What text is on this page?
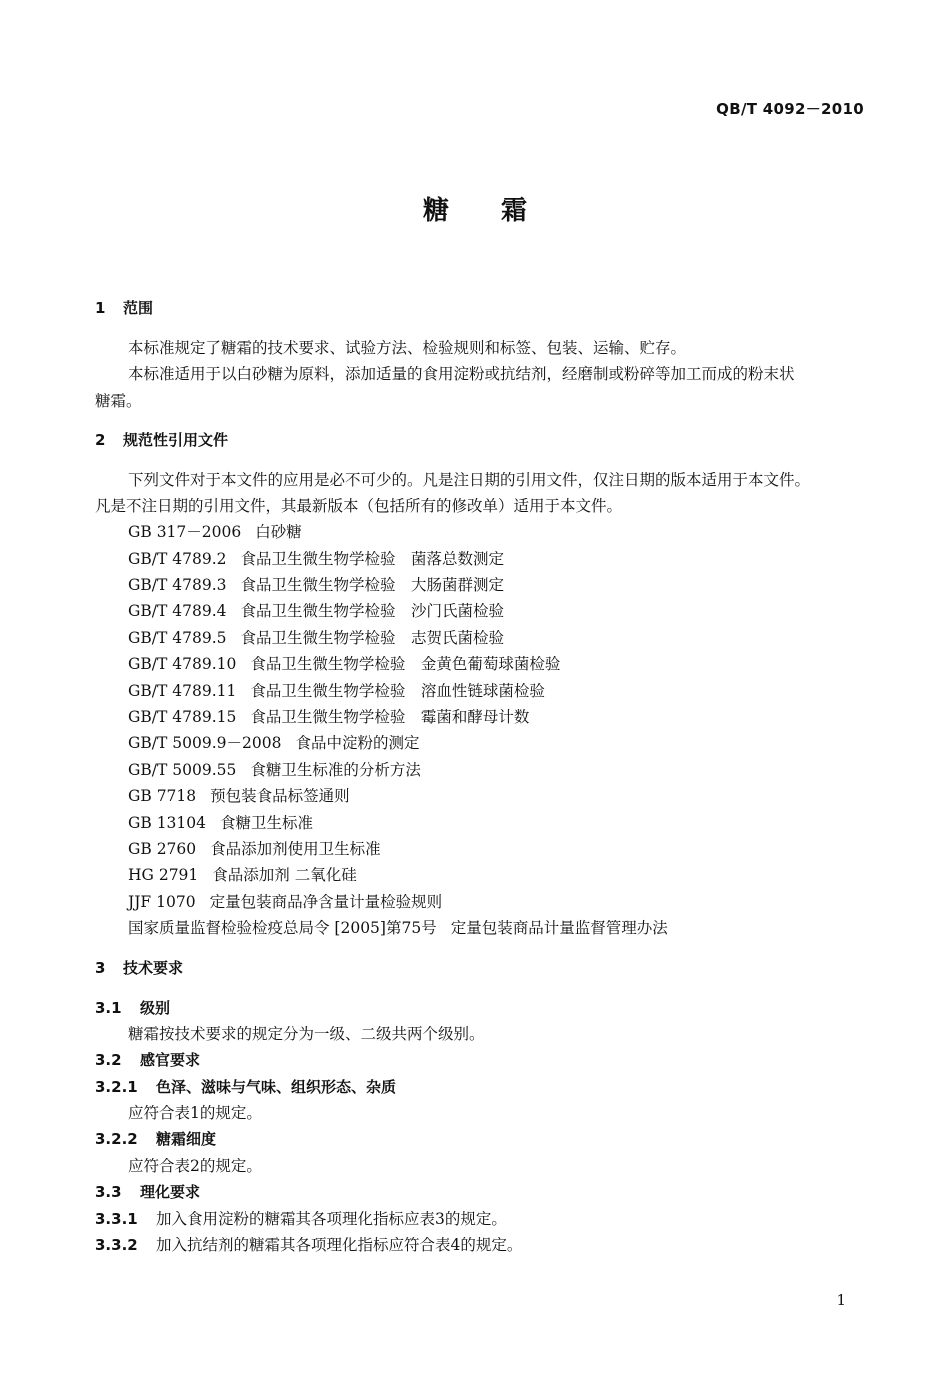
QB/T 4092－2010
糖霜
1 范围
本标准规定了糖霜的技术要求、试验方法、检验规则和标签、包装、运输、贮存。
本标准适用于以白砂糖为原料，添加适量的食用淀粉或抗结剂，经磨制或粉碎等加工而成的粉末状
糖霜。
2 规范性引用文件
下列文件对于本文件的应用是必不可少的。凡是注日期的引用文件，仅注日期的版本适用于本文件。
凡是不注日期的引用文件，其最新版本（包括所有的修改单）适用于本文件。
GB 317－2006 白砂糖
GB/T 4789.2 食品卫生微生物学检验　菌落总数测定
GB/T 4789.3 食品卫生微生物学检验　大肠菌群测定
GB/T 4789.4 食品卫生微生物学检验　沙门氏菌检验
GB/T 4789.5 食品卫生微生物学检验　志贺氏菌检验
GB/T 4789.10 食品卫生微生物学检验　金黄色葡萄球菌检验
GB/T 4789.11 食品卫生微生物学检验　溶血性链球菌检验
GB/T 4789.15 食品卫生微生物学检验　霉菌和酵母计数
GB/T 5009.9－2008 食品中淀粉的测定
GB/T 5009.55 食糖卫生标准的分析方法
GB 7718 预包装食品标签通则
GB 13104 食糖卫生标准
GB 2760 食品添加剂使用卫生标准
HG 2791 食品添加剂 二氧化硅
JJF 1070 定量包装商品净含量计量检验规则
国家质量监督检验检疫总局令 [2005]第75号 定量包装商品计量监督管理办法
3 技术要求
3.1 级别
糖霜按技术要求的规定分为一级、二级共两个级别。
3.2 感官要求
3.2.1 色泽、滋味与气味、组织形态、杂质
应符合表1的规定。
3.2.2 糖霜细度
应符合表2的规定。
3.3 理化要求
3.3.1 加入食用淀粉的糖霜其各项理化指标应表3的规定。
3.3.2 加入抗结剂的糖霜其各项理化指标应符合表4的规定。
1
